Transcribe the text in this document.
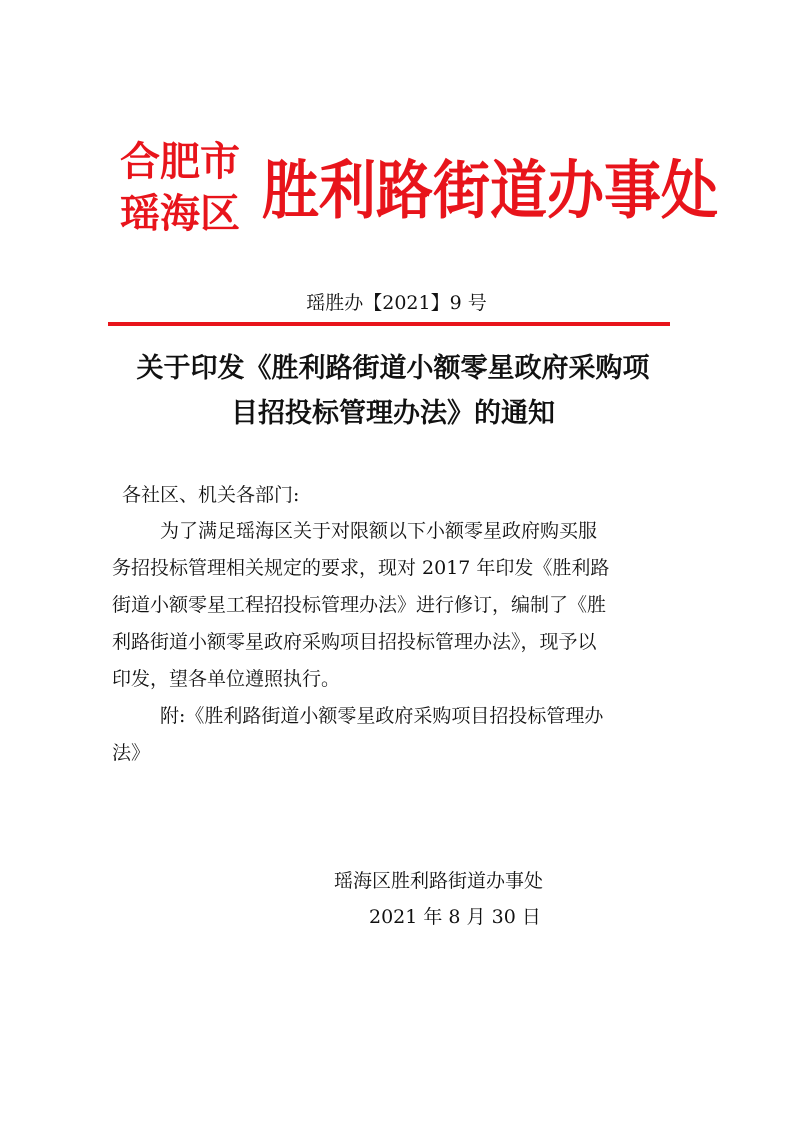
合肥市
瑶海区 胜利路街道办事处
瑶胜办【2021】9 号
关于印发《胜利路街道小额零星政府采购项
目招投标管理办法》的通知
各社区、机关各部门:
为了满足瑶海区关于对限额以下小额零星政府购买服
务招投标管理相关规定的要求，现对 2017 年印发《胜利路
街道小额零星工程招投标管理办法》进行修订，编制了《胜
利路街道小额零星政府采购项目招投标管理办法》，现予以
印发，望各单位遵照执行。
附:《胜利路街道小额零星政府采购项目招投标管理办
法》
瑶海区胜利路街道办事处
2021 年 8 月 30 日
